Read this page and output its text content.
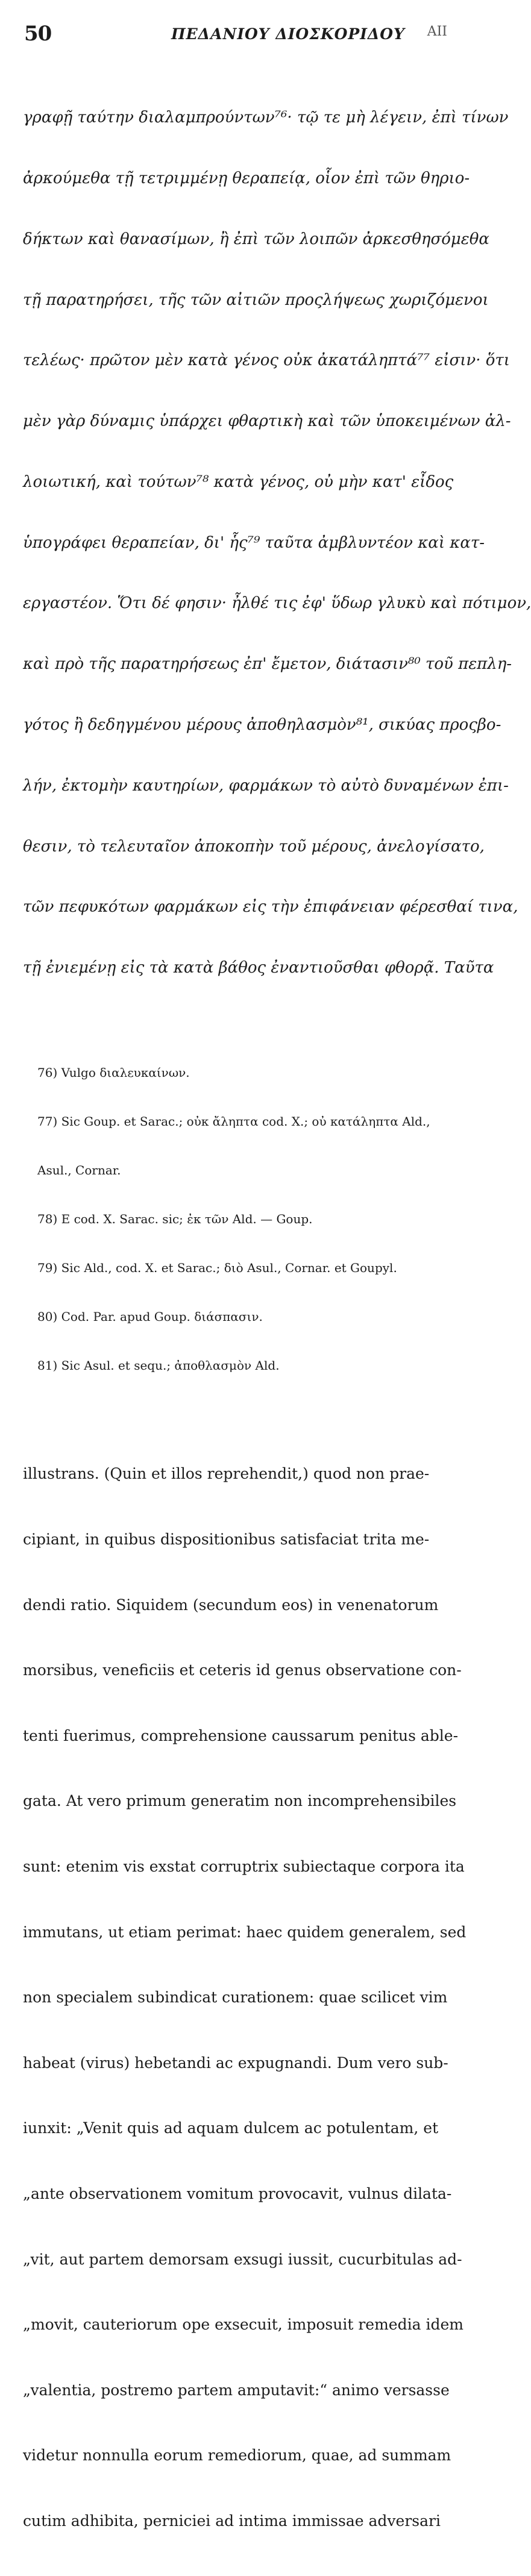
50	ΠΕΔΑΝΙΟΥ ΔΙΟΣΚΟΡΙΔΟΥ ΑΙΙ

γραφῇ ταύτην διαλαμπρούντων⁷⁶· τῷ τε μὴ λέγειν, ἐπὶ τίνων

ἀρκούμεθα τῇ τετριμμένῃ θεραπείᾳ, οἷον ἐπὶ τῶν θηριο-

δήκτων καὶ θανασίμων, ἢ ἐπὶ τῶν λοιπῶν ἀρκεσθησόμεθα

τῇ παρατηρήσει, τῆς τῶν αἰτιῶν προςλήψεως χωριζόμενοι

τελέως· πρῶτον μὲν κατὰ γένος οὐκ ἀκατάληπτά⁷⁷ εἰσιν· ὅτι

μὲν γὰρ δύναμις ὑπάρχει φθαρτικὴ καὶ τῶν ὑποκειμένων ἀλ-

λοιωτική, καὶ τούτων⁷⁸ κατὰ γένος, οὐ μὴν κατ' εἶδος

ὑπογράφει θεραπείαν, δι' ἧς⁷⁹ ταῦτα ἀμβλυντέον καὶ κατ-

εργαστέον. Ὅτι δέ φησιν· ἦλθέ τις ἐφ' ὕδωρ γλυκὺ καὶ πότιμον,

καὶ πρὸ τῆς παρατηρήσεως ἐπ' ἔμετον, διάτασιν⁸⁰ τοῦ πεπλη-

γότος ἢ δεδηγμένου μέρους ἀποθηλασμὸν⁸¹, σικύας προςβο-

λήν, ἐκτομὴν καυτηρίων, φαρμάκων τὸ αὐτὸ δυναμένων ἐπι-

θεσιν, τὸ τελευταῖον ἀποκοπὴν τοῦ μέρους, ἀνελογίσατο,

τῶν πεφυκότων φαρμάκων εἰς τὴν ἐπιφάνειαν φέρεσθαί τινα,

τῇ ἐνιεμένῃ εἰς τὰ κατὰ βάθος ἐναντιοῦσθαι φθορᾷ. Ταῦτα

76) Vulgo διαλευκαίνων.

77) Sic Goup. et Sarac.; οὐκ ἄληπτα cod. X.; οὐ κατάληπτα Ald.,

Asul., Cornar.

78) E cod. X. Sarac. sic; ἐκ τῶν Ald. — Goup.

79) Sic Ald., cod. X. et Sarac.; διὸ Asul., Cornar. et Goupyl.

80) Cod. Par. apud Goup. διάσπασιν.

81) Sic Asul. et sequ.; ἀποθλασμὸν Ald.

illustrans. (Quin et illos reprehendit,) quod non prae-

cipiant, in quibus dispositionibus satisfaciat trita me-

dendi ratio. Siquidem (secundum eos) in venenatorum

morsibus, veneficiis et ceteris id genus observatione con-

tenti fuerimus, comprehensione caussarum penitus able-

gata. At vero primum generatim non incomprehensibiles

sunt: etenim vis exstat corruptrix subiectaque corpora ita

immutans, ut etiam perimat: haec quidem generalem, sed

non specialem subindicat curationem: quae scilicet vim

habeat (virus) hebetandi ac expugnandi. Dum vero sub-

iunxit: „Venit quis ad aquam dulcem ac potulentam, et

„ante observationem vomitum provocavit, vulnus dilata-

„vit, aut partem demorsam exsugi iussit, cucurbitulas ad-

„movit, cauteriorum ope exsecuit, imposuit remedia idem

„valentia, postremo partem amputavit:“ animo versasse

videtur nonnulla eorum remediorum, quae, ad summam

cutim adhibita, perniciei ad intima immissae adversari
